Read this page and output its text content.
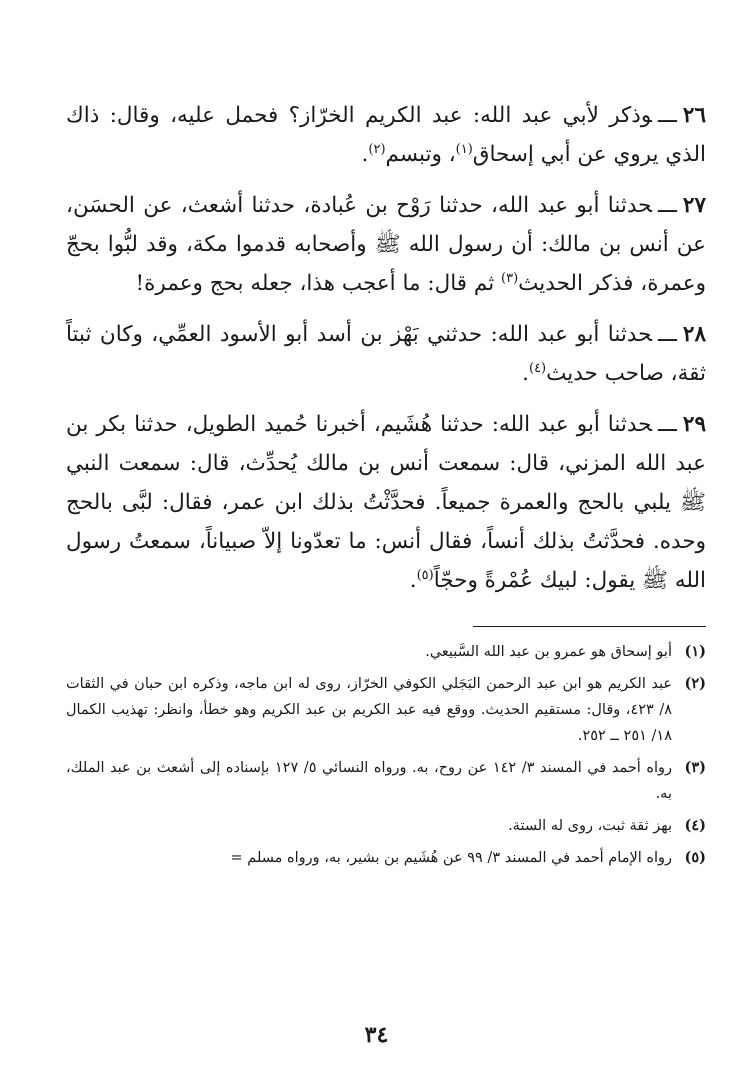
٢٦ـــوذكر لأبي عبد الله: عبد الكريم الخرّاز؟ فحمل عليه، وقال: ذاك الذي يروي عن أبي إسحاق$^{(١)}$، وتبسم$^{(٢)}$.

٢٧ـــحدثنا أبو عبد الله، حدثنا رَوْح بن عُبادة، حدثنا أشعث، عن الحسَن، عن أنس بن مالك: أن رسول الله ﷺ وأصحابه قدموا مكة، وقد لبُّوا بحجّ وعمرة، فذكر الحديث$^{(٣)}$ ثم قال: ما أعجب هذا، جعله بحج وعمرة!

٢٨ـــحدثنا أبو عبد الله: حدثني بَهْز بن أسد أبو الأسود العمِّي، وكان ثبتاً ثقة، صاحب حديث$^{(٤)}$.

٢٩ـــحدثنا أبو عبد الله: حدثنا هُشَيم، أخبرنا حُميد الطويل، حدثنا بكر بن عبد الله المزني، قال: سمعت أنس بن مالك يُحدِّث، قال: سمعت النبي ﷺ يلبي بالحج والعمرة جميعاً. فحدَّثْتُ بذلك ابن عمر، فقال: لبَّى بالحج وحده. فحدَّثتُ بذلك أنساً، فقال أنس: ما تعدّونا إلاّ صبياناً، سمعتُ رسول الله ﷺ يقول: لبيك عُمْرةً وحجّاً$^{(٥)}$.

(١)
أبو إسحاق هو عمرو بن عبد الله السَّبيعي.
(٢)
عبد الكريم هو ابن عبد الرحمن البَجَلي الكوفي الخرّاز، روى له ابن ماجه، وذكره ابن حبان في الثقات ٨/ ٤٢٣، وقال: مستقيم الحديث. ووقع فيه عبد الكريم بن عبد الكريم وهو خطأ، وانظر: تهذيب الكمال ١٨/ ٢٥١ ــ ٢٥٢.
(٣)
رواه أحمد في المسند ٣/ ١٤٢ عن روح، به. ورواه النسائي ٥/ ١٢٧ بإسناده إلى أشعث بن عبد الملك، به.
(٤)
بهز ثقة ثبت، روى له الستة.
(٥)
رواه الإمام أحمد في المسند ٣/ ٩٩ عن هُشَيم بن بشير، به، ورواه مسلم =
٣٤
